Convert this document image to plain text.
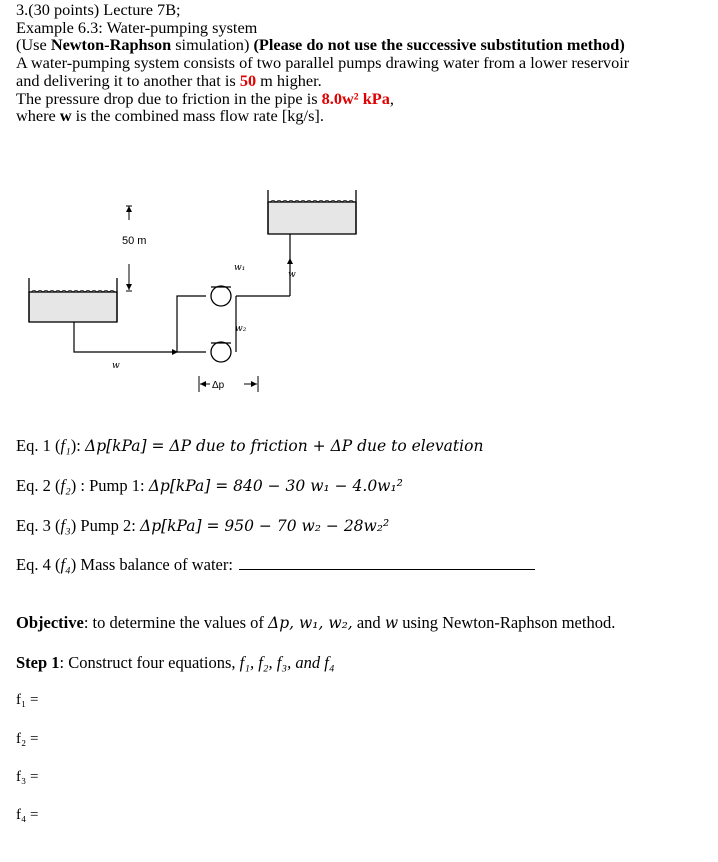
3.(30 points) Lecture 7B;
Example 6.3: Water-pumping system
(Use Newton-Raphson simulation) (Please do not use the successive substitution method)
A water-pumping system consists of two parallel pumps drawing water from a lower reservoir
and delivering it to another that is 50 m higher.
The pressure drop due to friction in the pipe is 8.0w² kPa,
where w is the combined mass flow rate [kg/s].
50 m
w₁
w₂
w
w
Δp
Eq. 1 (f₁): Δp[kPa] = ΔP due to friction + ΔP due to elevation
Eq. 2 (f₂) : Pump 1: Δp[kPa] = 840 − 30 w₁ − 4.0w₁²
Eq. 3 (f₃) Pump 2: Δp[kPa] = 950 − 70 w₂ − 28w₂²
Eq. 4 (f₄) Mass balance of water:
Objective: to determine the values of Δp, w₁, w₂, and w using Newton-Raphson method.
Step 1: Construct four equations, f₁, f₂, f₃, and f₄
f₁ =
f₂ =
f₃ =
f₄ =
